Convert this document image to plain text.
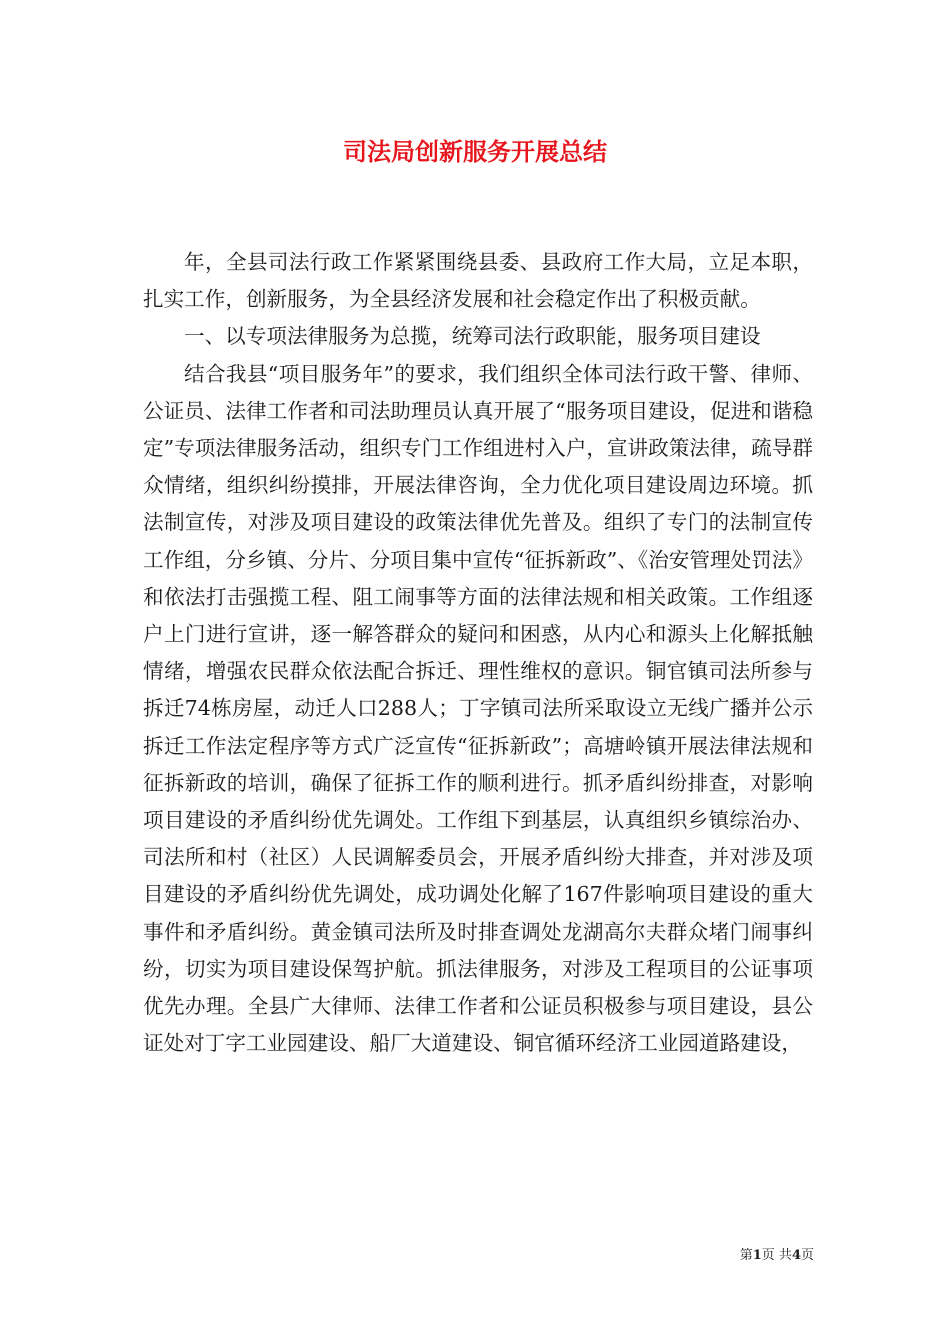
司法局创新服务开展总结

年，全县司法行政工作紧紧围绕县委、县政府工作大局，立足本职，扎实工作，创新服务，为全县经济发展和社会稳定作出了积极贡献。

一、以专项法律服务为总揽，统筹司法行政职能，服务项目建设

结合我县“项目服务年”的要求，我们组织全体司法行政干警、律师、公证员、法律工作者和司法助理员认真开展了“服务项目建设，促进和谐稳定”专项法律服务活动，组织专门工作组进村入户，宣讲政策法律，疏导群众情绪，组织纠纷摸排，开展法律咨询，全力优化项目建设周边环境。抓法制宣传，对涉及项目建设的政策法律优先普及。组织了专门的法制宣传工作组，分乡镇、分片、分项目集中宣传“征拆新政”、《治安管理处罚法》和依法打击强揽工程、阻工闹事等方面的法律法规和相关政策。工作组逐户上门进行宣讲，逐一解答群众的疑问和困惑，从内心和源头上化解抵触情绪，增强农民群众依法配合拆迁、理性维权的意识。铜官镇司法所参与拆迁74栋房屋，动迁人口288人；丁字镇司法所采取设立无线广播并公示拆迁工作法定程序等方式广泛宣传“征拆新政”；高塘岭镇开展法律法规和征拆新政的培训，确保了征拆工作的顺利进行。抓矛盾纠纷排查，对影响项目建设的矛盾纠纷优先调处。工作组下到基层，认真组织乡镇综治办、司法所和村（社区）人民调解委员会，开展矛盾纠纷大排查，并对涉及项目建设的矛盾纠纷优先调处，成功调处化解了167件影响项目建设的重大事件和矛盾纠纷。黄金镇司法所及时排查调处龙湖高尔夫群众堵门闹事纠纷，切实为项目建设保驾护航。抓法律服务，对涉及工程项目的公证事项优先办理。全县广大律师、法律工作者和公证员积极参与项目建设，县公证处对丁字工业园建设、船厂大道建设、铜官循环经济工业园道路建设，

第1页 共4页
